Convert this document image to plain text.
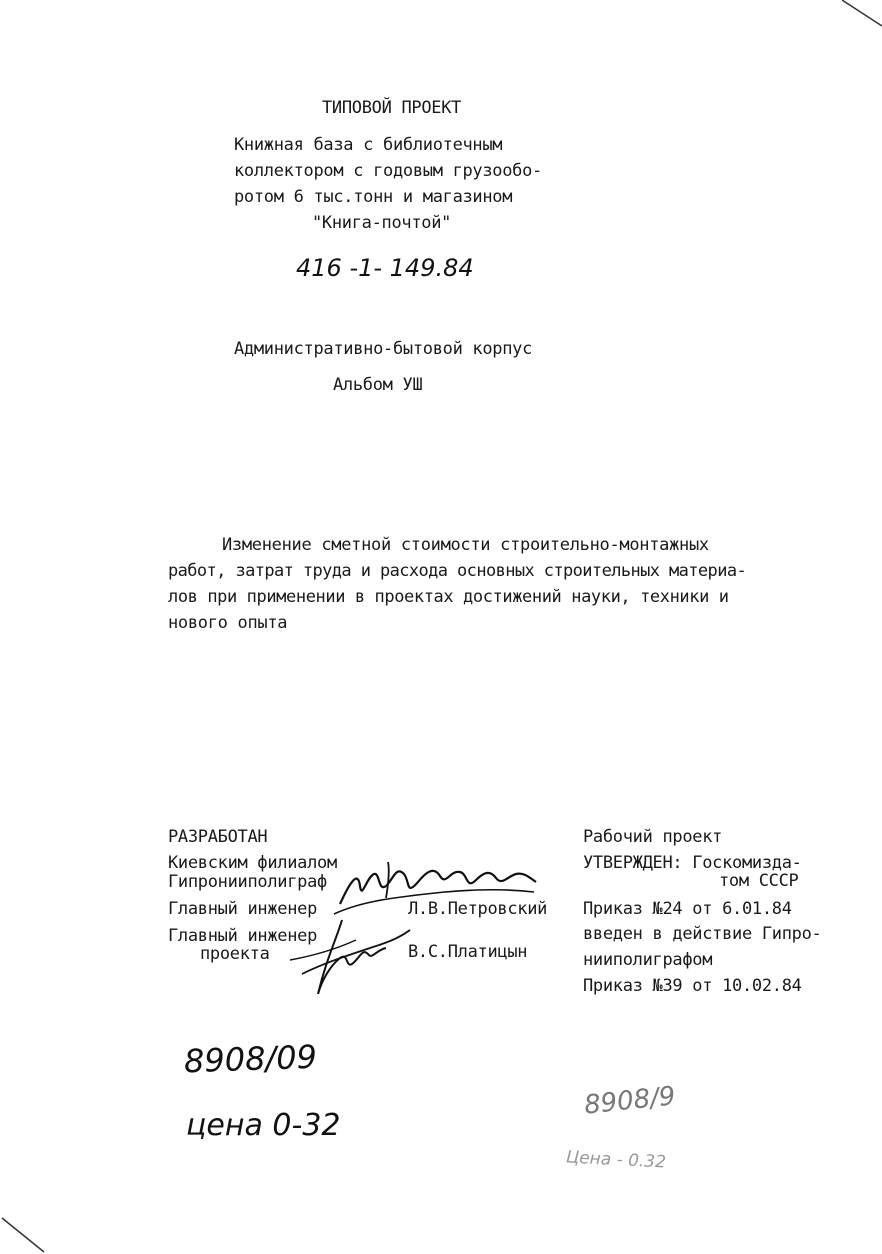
ТИПОВОЙ ПРОЕКТ
Книжная база с библиотечным
коллектором с годовым грузообо-
ротом 6 тыс.тонн и магазином
"Книга-почтой"
416 -1- 149.84
Административно-бытовой корпус
Альбом УШ
Изменение сметной стоимости строительно-монтажных
работ, затрат труда и расхода основных строительных материа-
лов при применении в проектах достижений науки, техники и
нового опыта
РАЗРАБОТАН
Киевским филиалом
Гипронииполиграф
Главный инженер	Л.В.Петровский
Главный инженер
проекта	В.С.Платицын
Рабочий проект
УТВЕРЖДЕН: Госкомизда-
том СССР
Приказ №24 от 6.01.84
введен в действие Гипро-
нииполиграфом
Приказ №39 от 10.02.84
8908/09
цена 0-32
8908/9
Цена - 0.32
